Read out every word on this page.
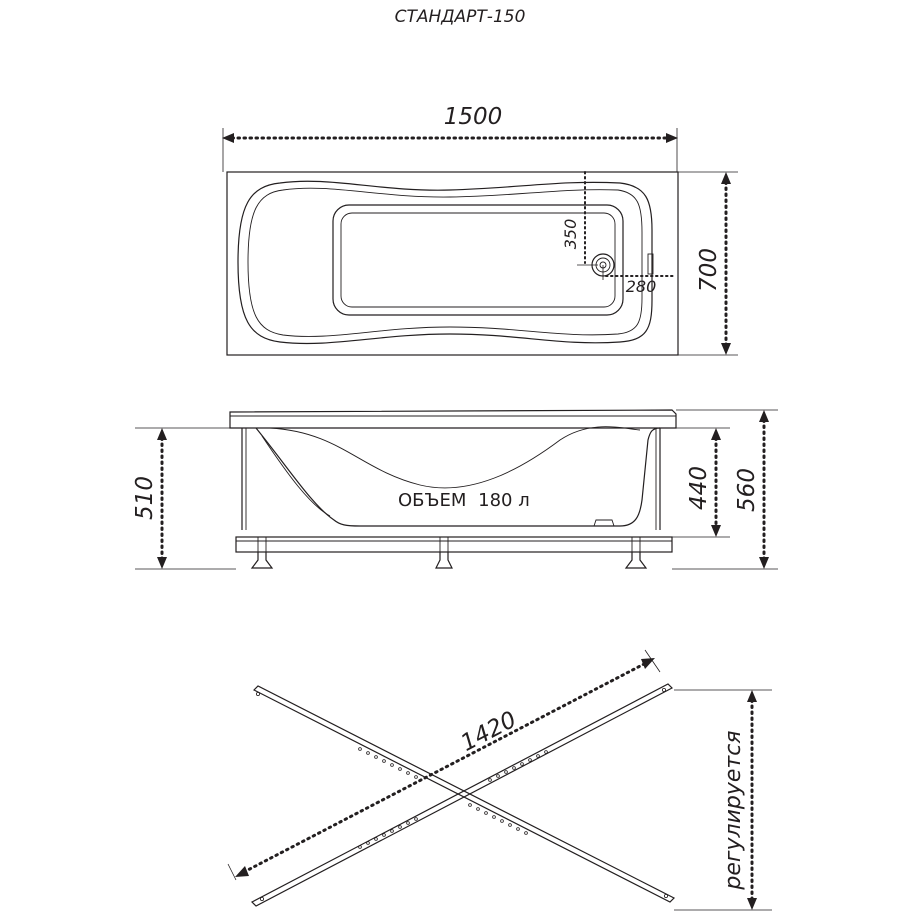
СТАНДАРТ-150
1500
350
280 700
ОБЪЕМ 180 л
510	440 560
1420	регулируется
